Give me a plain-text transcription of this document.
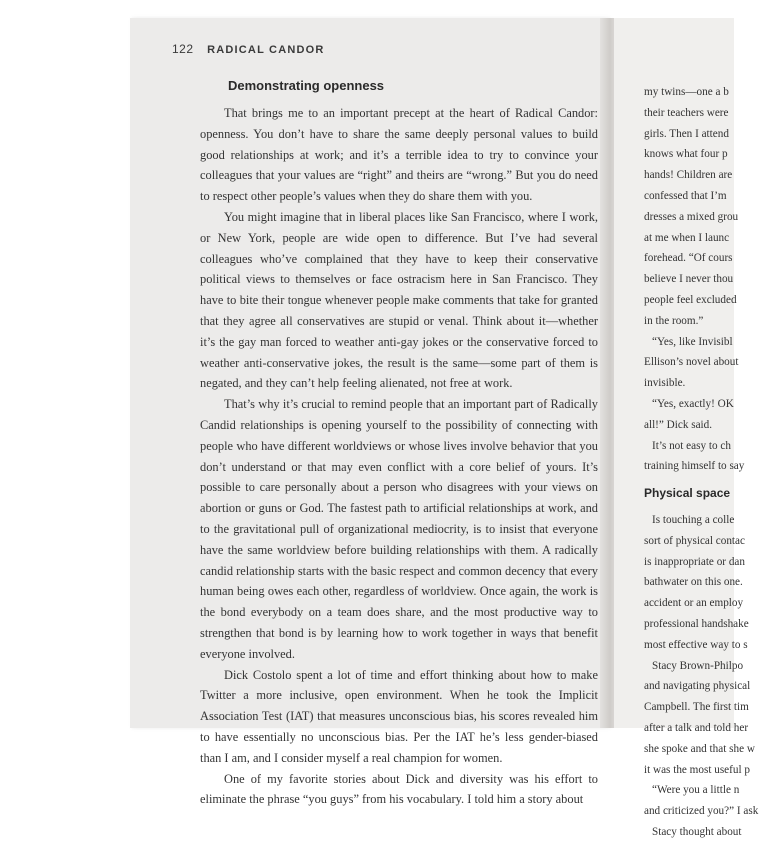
122 RADICAL CANDOR
Demonstrating openness

That brings me to an important precept at the heart of Radical Candor: openness. You don’t have to share the same deeply personal values to build good relationships at work; and it’s a terrible idea to try to convince your colleagues that your values are “right” and theirs are “wrong.” But you do need to respect other people’s values when they do share them with you.

You might imagine that in liberal places like San Francisco, where I work, or New York, people are wide open to difference. But I’ve had several colleagues who’ve complained that they have to keep their conservative political views to themselves or face ostracism here in San Francisco. They have to bite their tongue whenever people make comments that take for granted that they agree all conservatives are stupid or venal. Think about it—whether it’s the gay man forced to weather anti-gay jokes or the conservative forced to weather anti-conservative jokes, the result is the same—some part of them is negated, and they can’t help feeling alienated, not free at work.

That’s why it’s crucial to remind people that an important part of Radically Candid relationships is opening yourself to the possibility of connecting with people who have different worldviews or whose lives involve behavior that you don’t understand or that may even conflict with a core belief of yours. It’s possible to care personally about a person who disagrees with your views on abortion or guns or God. The fastest path to artificial relationships at work, and to the gravitational pull of organizational mediocrity, is to insist that everyone have the same worldview before building relationships with them. A radically candid relationship starts with the basic respect and common decency that every human being owes each other, regardless of worldview. Once again, the work is the bond everybody on a team does share, and the most productive way to strengthen that bond is by learning how to work together in ways that benefit everyone involved.

Dick Costolo spent a lot of time and effort thinking about how to make Twitter a more inclusive, open environment. When he took the Implicit Association Test (IAT) that measures unconscious bias, his scores revealed him to have essentially no unconscious bias. Per the IAT he’s less gender-biased than I am, and I consider myself a real champion for women.

One of my favorite stories about Dick and diversity was his effort to eliminate the phrase “you guys” from his vocabulary. I told him a story about

my twins—one a b
their teachers were
girls. Then I attend
knows what four p
hands! Children are
confessed that I’m
dresses a mixed grou
at me when I launc
forehead. “Of cours
believe I never thou
people feel excluded
in the room.”
“Yes, like Invisibl
Ellison’s novel about
invisible.
“Yes, exactly! OK
all!” Dick said.
It’s not easy to ch
training himself to say
Physical space
Is touching a colle
sort of physical contac
is inappropriate or dan
bathwater on this one.
accident or an employ
professional handshake
most effective way to s
Stacy Brown-Philpo
and navigating physical
Campbell. The first tim
after a talk and told her
she spoke and that she w
it was the most useful p
“Were you a little n
and criticized you?” I ask
Stacy thought about
